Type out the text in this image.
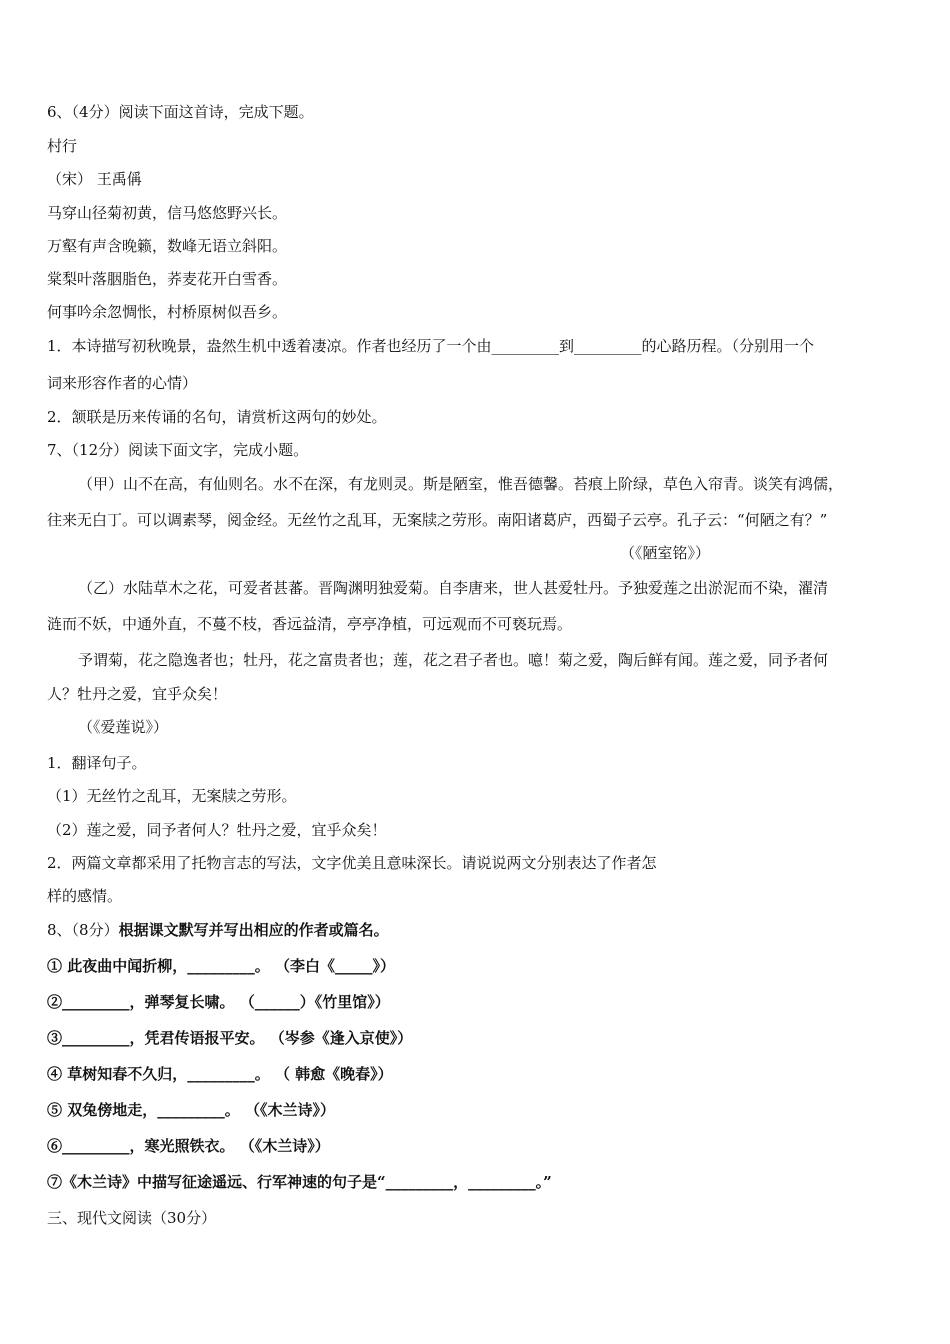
6、（4分）阅读下面这首诗，完成下题。
村行
（宋） 王禹偁
马穿山径菊初黄，信马悠悠野兴长。
万壑有声含晚籁，数峰无语立斜阳。
棠梨叶落胭脂色，荞麦花开白雪香。
何事吟余忽惆怅，村桥原树似吾乡。
1．本诗描写初秋晚景，盎然生机中透着凄凉。作者也经历了一个由_________到_________的心路历程。（分别用一个
词来形容作者的心情）
2．颔联是历来传诵的名句，请赏析这两句的妙处。
7、（12分）阅读下面文字，完成小题。
（甲）山不在高，有仙则名。水不在深，有龙则灵。斯是陋室，惟吾德馨。苔痕上阶绿，草色入帘青。谈笑有鸿儒，
往来无白丁。可以调素琴，阅金经。无丝竹之乱耳，无案牍之劳形。南阳诸葛庐，西蜀子云亭。孔子云：“何陋之有？”
（《陋室铭》）
（乙）水陆草木之花，可爱者甚蕃。晋陶渊明独爱菊。自李唐来，世人甚爱牡丹。予独爱莲之出淤泥而不染，濯清
涟而不妖，中通外直，不蔓不枝，香远益清，亭亭净植，可远观而不可亵玩焉。
予谓菊，花之隐逸者也；牡丹，花之富贵者也；莲，花之君子者也。噫！菊之爱，陶后鲜有闻。莲之爱，同予者何
人？牡丹之爱，宜乎众矣！
（《爱莲说》）
1．翻译句子。
（1）无丝竹之乱耳，无案牍之劳形。
（2）莲之爱，同予者何人？牡丹之爱，宜乎众矣！
2．两篇文章都采用了托物言志的写法，文字优美且意味深长。请说说两文分别表达了作者怎
样的感情。
8、（8分）根据课文默写并写出相应的作者或篇名。
① 此夜曲中闻折柳，_________。 （李白《_____》）
②_________，弹琴复长啸。 （______）《竹里馆》）
③_________，凭君传语报平安。 （岑参《逢入京使》）
④ 草树知春不久归，_________。 （ 韩愈《晚春》）
⑤ 双兔傍地走，_________。 （《木兰诗》）
⑥_________，寒光照铁衣。 （《木兰诗》）
⑦《木兰诗》中描写征途遥远、行军神速的句子是“_________，_________。”
三、现代文阅读（30分）
